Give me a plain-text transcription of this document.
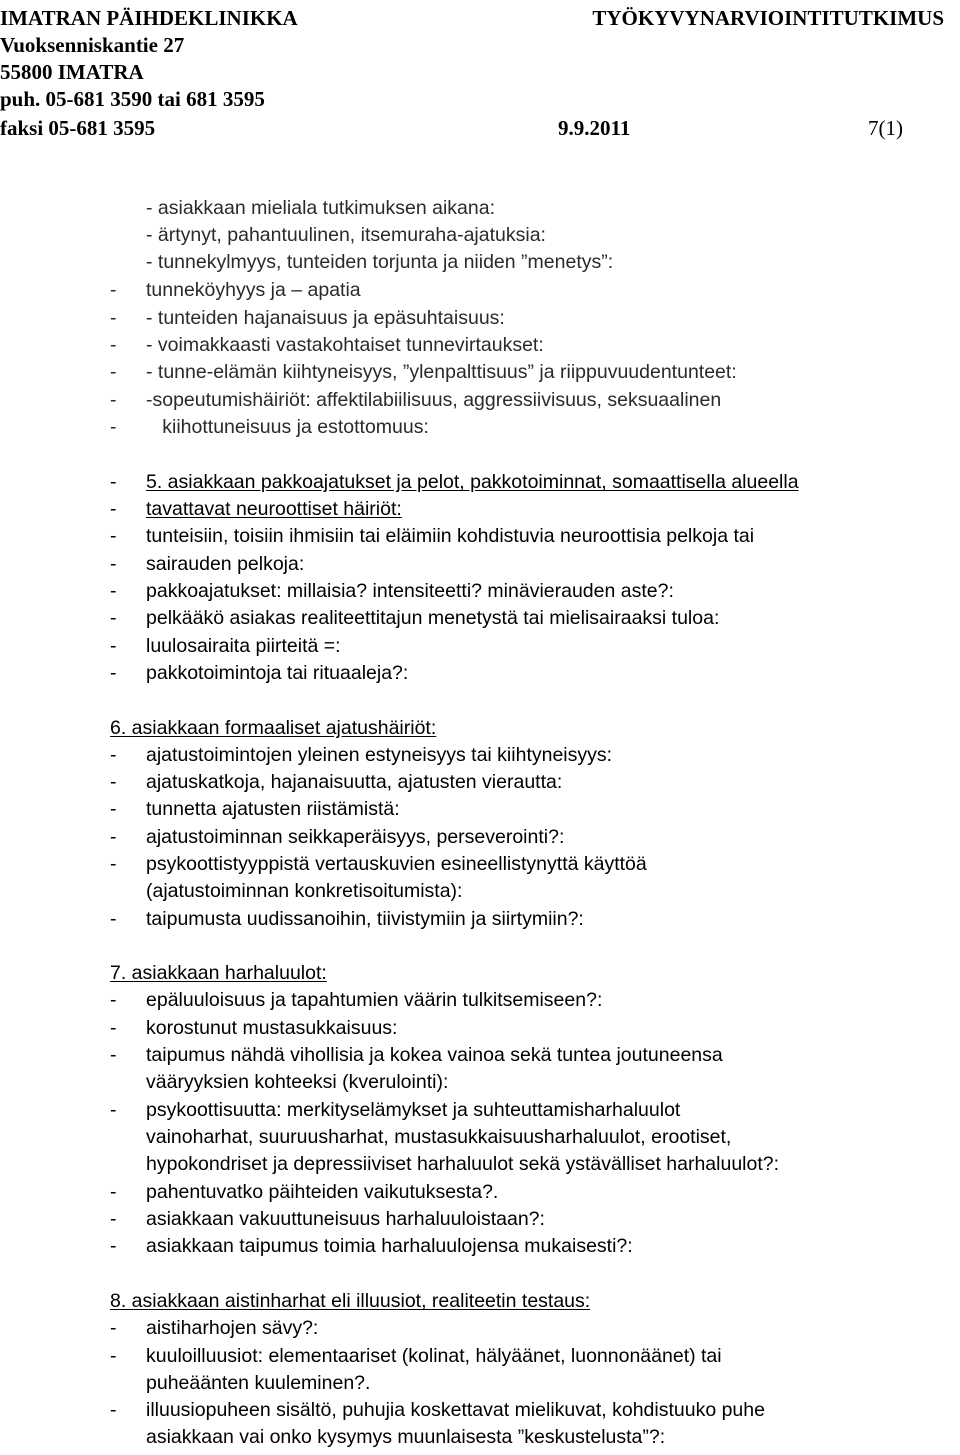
IMATRAN PÄIHDEKLINIKKA
Vuoksenniskantie 27
55800 IMATRA
puh. 05-681 3590 tai 681 3595
faksi 05-681 3595
TYÖKYVYNARVIOINTITUTKIMUS
9.9.2011	7(1)
- asiakkaan mieliala tutkimuksen aikana:
- ärtynyt, pahantuulinen, itsemuraha-ajatuksia:
- tunnekylmyys, tunteiden torjunta ja niiden ”menetys”:
- tunneköyhyys ja – apatia
- - tunteiden hajanaisuus ja epäsuhtaisuus:
- - voimakkaasti vastakohtaiset tunnevirtaukset:
- - tunne-elämän kiihtyneisyys, ”ylenpalttisuus” ja riippuvuudentunteet:
- -sopeutumishäiriöt: affektilabiilisuus, aggressiivisuus, seksuaalinen
- kiihottuneisuus ja estottomuus:
- 5. asiakkaan pakkoajatukset ja pelot, pakkotoiminnat, somaattisella alueella
- tavattavat neuroottiset häiriöt:
- tunteisiin, toisiin ihmisiin tai eläimiin kohdistuvia neuroottisia pelkoja tai
- sairauden pelkoja:
- pakkoajatukset: millaisia? intensiteetti? minävierauden aste?:
- pelkääkö asiakas realiteettitajun menetystä tai mielisairaaksi tuloa:
- luulosairaita piirteitä =:
- pakkotoimintoja tai rituaaleja?:
6. asiakkaan formaaliset ajatushäiriöt:
- ajatustoimintojen yleinen estyneisyys tai kiihtyneisyys:
- ajatuskatkoja, hajanaisuutta, ajatusten vierautta:
- tunnetta ajatusten riistämistä:
- ajatustoiminnan seikkaperäisyys, perseverointi?:
- psykoottistyyppistä vertauskuvien esineellistynyttä käyttöä
(ajatustoiminnan konkretisoitumista):
- taipumusta uudissanoihin, tiivistymiin ja siirtymiin?:
7. asiakkaan harhaluulot:
- epäluuloisuus ja tapahtumien väärin tulkitsemiseen?:
- korostunut mustasukkaisuus:
- taipumus nähdä vihollisia ja kokea vainoa sekä tuntea joutuneensa
vääryyksien kohteeksi (kverulointi):
- psykoottisuutta: merkityselämykset ja suhteuttamisharhaluulot
vainoharhat, suuruusharhat, mustasukkaisuusharhaluulot, erootiset,
hypokondriset ja depressiiviset harhaluulot sekä ystävälliset harhaluulot?:
- pahentuvatko päihteiden vaikutuksesta?.
- asiakkaan vakuuttuneisuus harhaluuloistaan?:
- asiakkaan taipumus toimia harhaluulojensa mukaisesti?:
8. asiakkaan aistinharhat eli illuusiot, realiteetin testaus:
- aistiharhojen sävy?:
- kuuloilluusiot: elementaariset (kolinat, hälyäänet, luonnonäänet) tai
puheäänten kuuleminen?.
- illuusiopuheen sisältö, puhujia koskettavat mielikuvat, kohdistuuko puhe
asiakkaan vai onko kysymys muunlaisesta ”keskustelusta”?:
